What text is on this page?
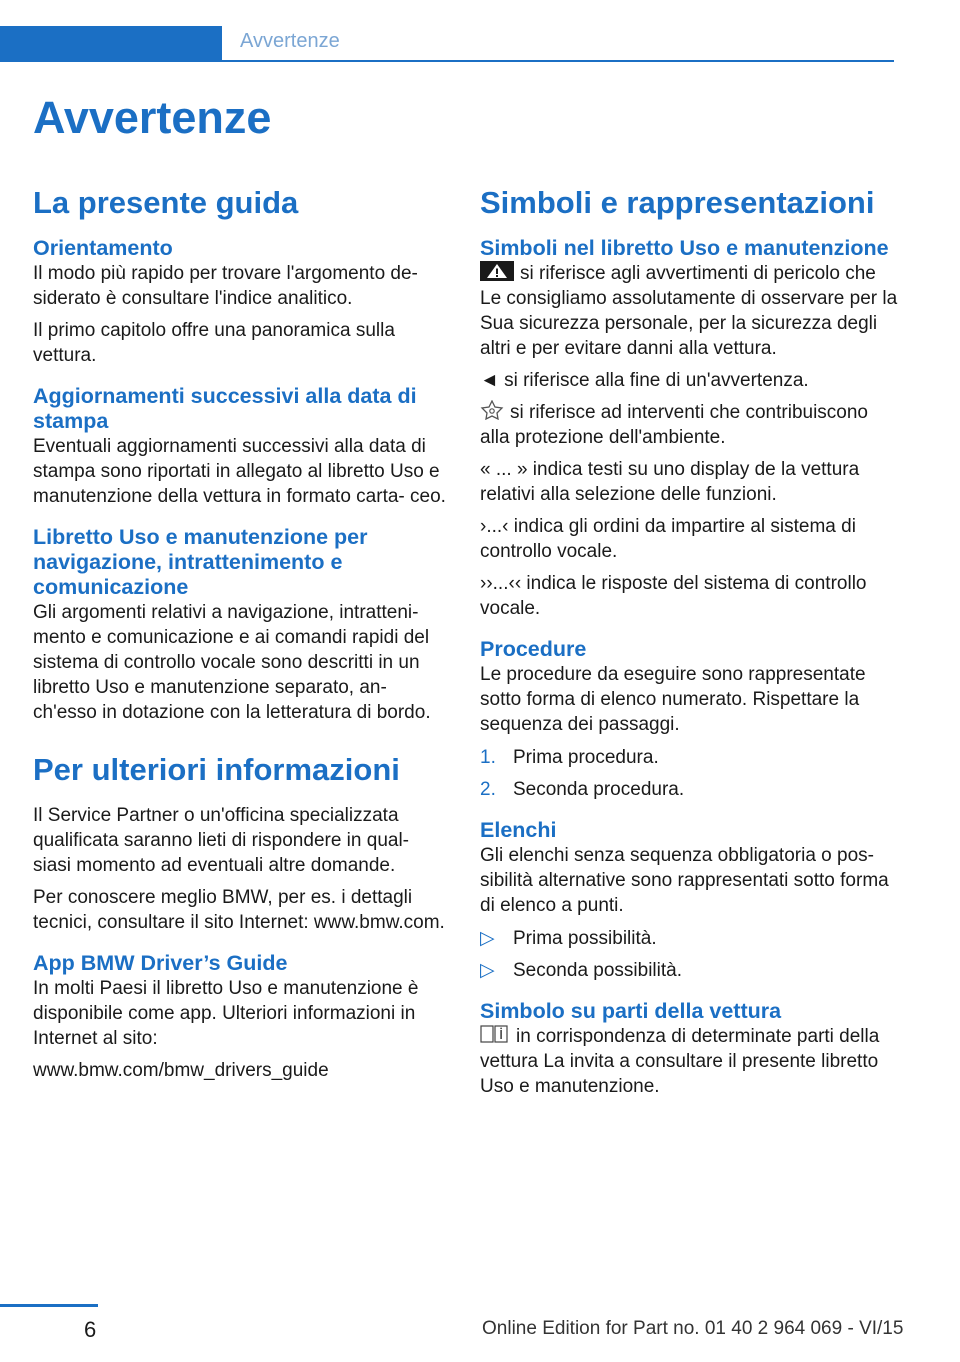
Avvertenze
Avvertenze
La presente guida
Orientamento

Il modo più rapido per trovare l'argomento de‐ siderato è consultare l'indice analitico.

Il primo capitolo offre una panoramica sulla vettura.

Aggiornamenti successivi alla data di stampa

Eventuali aggiornamenti successivi alla data di stampa sono riportati in allegato al libretto Uso e manutenzione della vettura in formato carta‐ ceo.

Libretto Uso e manutenzione per navigazione, intrattenimento e comunicazione

Gli argomenti relativi a navigazione, intratteni‐ mento e comunicazione e ai comandi rapidi del sistema di controllo vocale sono descritti in un libretto Uso e manutenzione separato, an‐ ch'esso in dotazione con la letteratura di bordo.

Per ulteriori informazioni

Il Service Partner o un'officina specializzata qualificata saranno lieti di rispondere in qual‐ siasi momento ad eventuali altre domande.

Per conoscere meglio BMW, per es. i dettagli tecnici, consultare il sito Internet: www.bmw.com.

App BMW Driver’s Guide

In molti Paesi il libretto Uso e manutenzione è disponibile come app. Ulteriori informazioni in Internet al sito:

www.bmw.com/bmw_drivers_guide

Simboli e rappresentazioni
Simboli nel libretto Uso e manutenzione

si riferisce agli avvertimenti di pericolo che Le consigliamo assolutamente di osservare per la Sua sicurezza personale, per la sicurezza degli altri e per evitare danni alla vettura.

◄ si riferisce alla fine di un'avvertenza.

si riferisce ad interventi che contribuiscono alla protezione dell'ambiente.

« ... » indica testi su uno display de la vettura relativi alla selezione delle funzioni.

›...‹ indica gli ordini da impartire al sistema di controllo vocale.

››...‹‹ indica le risposte del sistema di controllo vocale.

Procedure

Le procedure da eseguire sono rappresentate sotto forma di elenco numerato. Rispettare la sequenza dei passaggi.

1. Prima procedura.
2. Seconda procedura.
Elenchi

Gli elenchi senza sequenza obbligatoria o pos‐ sibilità alternative sono rappresentati sotto forma di elenco a punti.

▷ Prima possibilità.
▷ Seconda possibilità.
Simbolo su parti della vettura

in corrispondenza di determinate parti della vettura La invita a consultare il presente libretto Uso e manutenzione.

6	Online Edition for Part no. 01 40 2 964 069 - VI/15
